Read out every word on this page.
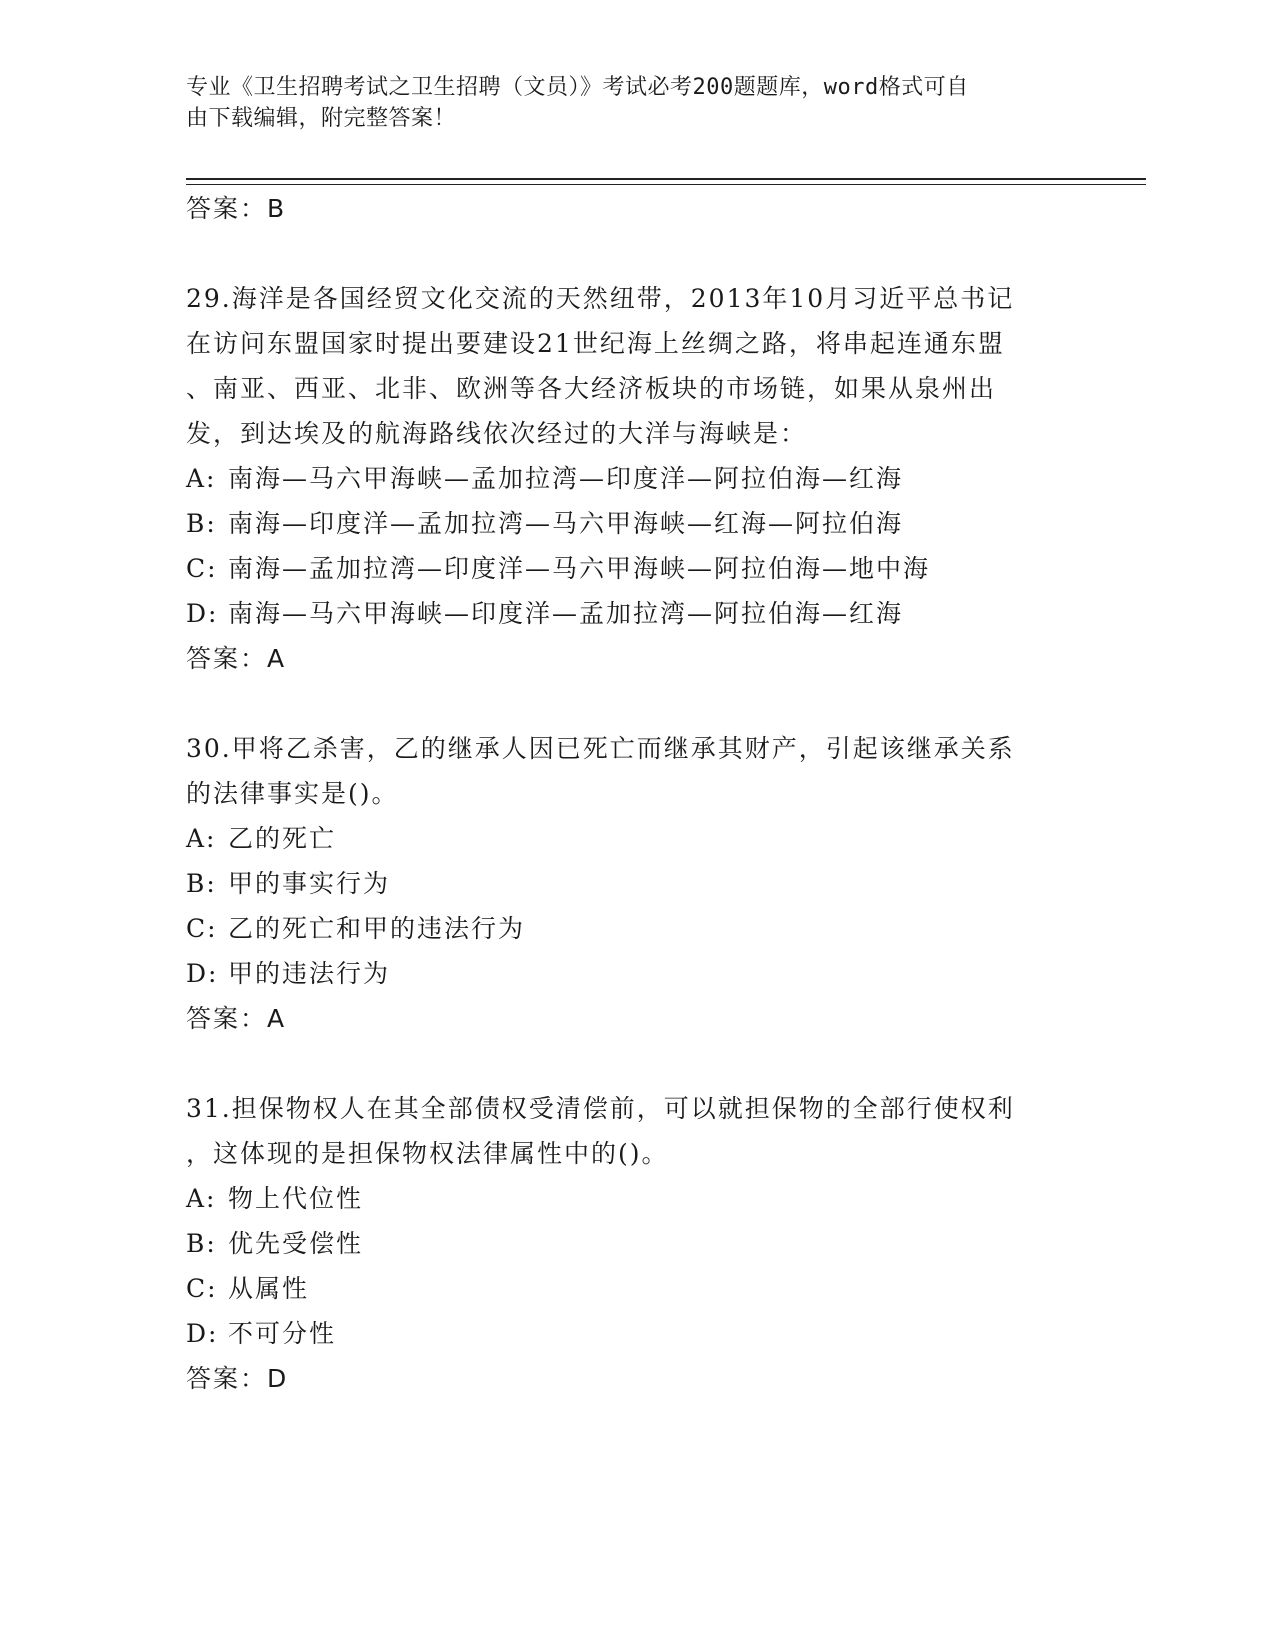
专业《卫生招聘考试之卫生招聘（文员）》考试必考200题题库，word格式可自
由下载编辑，附完整答案！
答案：B
29.海洋是各国经贸文化交流的天然纽带，2013年10月习近平总书记
在访问东盟国家时提出要建设21世纪海上丝绸之路，将串起连通东盟
、南亚、西亚、北非、欧洲等各大经济板块的市场链，如果从泉州出
发，到达埃及的航海路线依次经过的大洋与海峡是：
A: 南海—马六甲海峡—孟加拉湾—印度洋—阿拉伯海—红海
B: 南海—印度洋—孟加拉湾—马六甲海峡—红海—阿拉伯海
C: 南海—孟加拉湾—印度洋—马六甲海峡—阿拉伯海—地中海
D: 南海—马六甲海峡—印度洋—孟加拉湾—阿拉伯海—红海
答案：A
30.甲将乙杀害，乙的继承人因已死亡而继承其财产，引起该继承关系
的法律事实是()。
A: 乙的死亡
B: 甲的事实行为
C: 乙的死亡和甲的违法行为
D: 甲的违法行为
答案：A
31.担保物权人在其全部债权受清偿前，可以就担保物的全部行使权利
，这体现的是担保物权法律属性中的()。
A: 物上代位性
B: 优先受偿性
C: 从属性
D: 不可分性
答案：D
